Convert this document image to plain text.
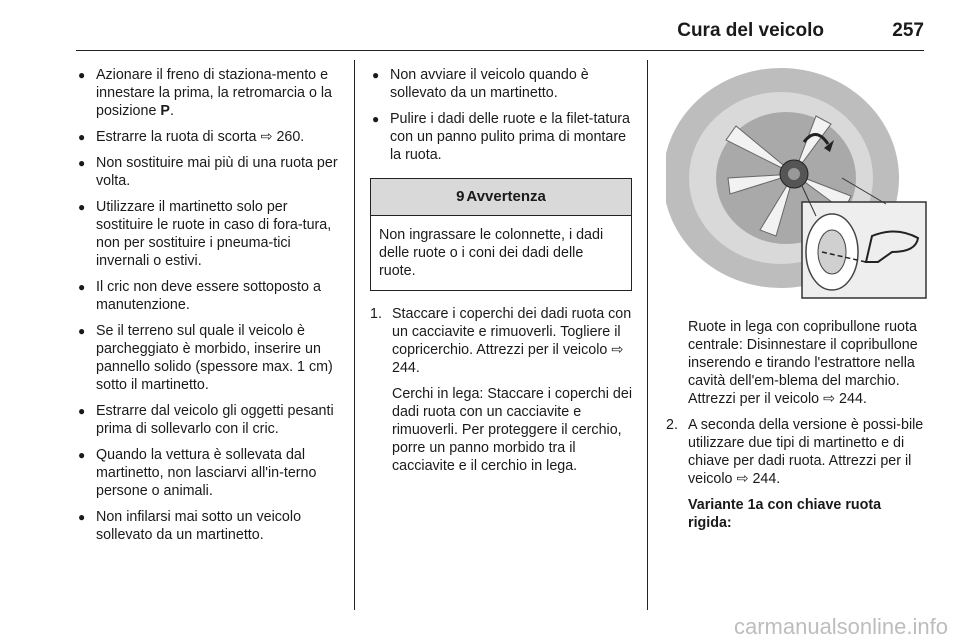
Cura del veicolo	257
● Azionare il freno di staziona-mento e innestare la prima, la retromarcia o la posizione P.
● Estrarre la ruota di scorta ⇨ 260.
● Non sostituire mai più di una ruota per volta.
● Utilizzare il martinetto solo per sostituire le ruote in caso di fora-tura, non per sostituire i pneuma-tici invernali o estivi.
● Il cric non deve essere sottoposto a manutenzione.
● Se il terreno sul quale il veicolo è parcheggiato è morbido, inserire un pannello solido (spessore max. 1 cm) sotto il martinetto.
● Estrarre dal veicolo gli oggetti pesanti prima di sollevarlo con il cric.
● Quando la vettura è sollevata dal martinetto, non lasciarvi all'in-terno persone o animali.
● Non infilarsi mai sotto un veicolo sollevato da un martinetto.
● Non avviare il veicolo quando è sollevato da un martinetto.
● Pulire i dadi delle ruote e la filet-tatura con un panno pulito prima di montare la ruota.
9 Avvertenza
Non ingrassare le colonnette, i dadi delle ruote o i coni dei dadi delle ruote.
1. Staccare i coperchi dei dadi ruota con un cacciavite e rimuoverli. Togliere il copricerchio. Attrezzi per il veicolo ⇨ 244.

Cerchi in lega: Staccare i coperchi dei dadi ruota con un cacciavite e rimuoverli. Per proteggere il cerchio, porre un panno morbido tra il cacciavite e il cerchio in lega.

Ruote in lega con copribullone ruota centrale: Disinnestare il copribullone inserendo e tirando l'estrattore nella cavità dell'em-blema del marchio. Attrezzi per il veicolo ⇨ 244.
2. A seconda della versione è possi-bile utilizzare due tipi di martinetto e di chiave per dadi ruota. Attrezzi per il veicolo ⇨ 244.

Variante 1a con chiave ruota rigida:

carmanualsonline.info
